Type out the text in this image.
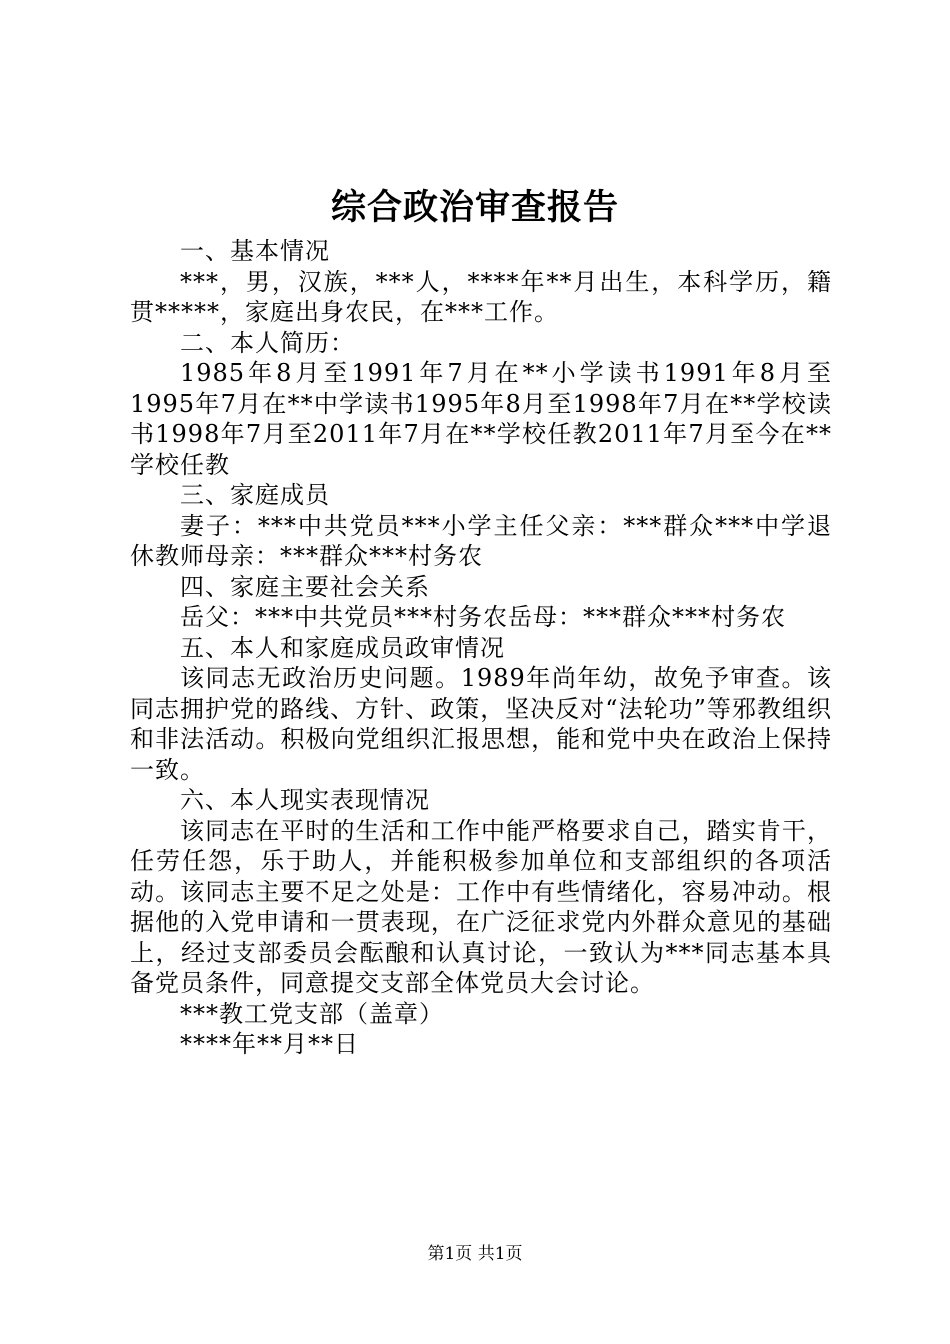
综合政治审查报告

一、基本情况

***，男，汉族，***人，****年**月出生，本科学历，籍贯*****，家庭出身农民，在***工作。

二、本人简历：

1985年8月至1991年7月在**小学读书1991年8月至1995年7月在**中学读书1995年8月至1998年7月在**学校读书1998年7月至2011年7月在**学校任教2011年7月至今在**学校任教

三、家庭成员

妻子：***中共党员***小学主任父亲：***群众***中学退休教师母亲：***群众***村务农

四、家庭主要社会关系

岳父：***中共党员***村务农岳母：***群众***村务农

五、本人和家庭成员政审情况

该同志无政治历史问题。1989年尚年幼，故免予审查。该同志拥护党的路线、方针、政策，坚决反对“法轮功”等邪教组织和非法活动。积极向党组织汇报思想，能和党中央在政治上保持一致。

六、本人现实表现情况

该同志在平时的生活和工作中能严格要求自己，踏实肯干，任劳任怨，乐于助人，并能积极参加单位和支部组织的各项活动。该同志主要不足之处是：工作中有些情绪化，容易冲动。根据他的入党申请和一贯表现，在广泛征求党内外群众意见的基础上，经过支部委员会酝酿和认真讨论，一致认为***同志基本具备党员条件，同意提交支部全体党员大会讨论。

***教工党支部（盖章）

****年**月**日

第1页 共1页
